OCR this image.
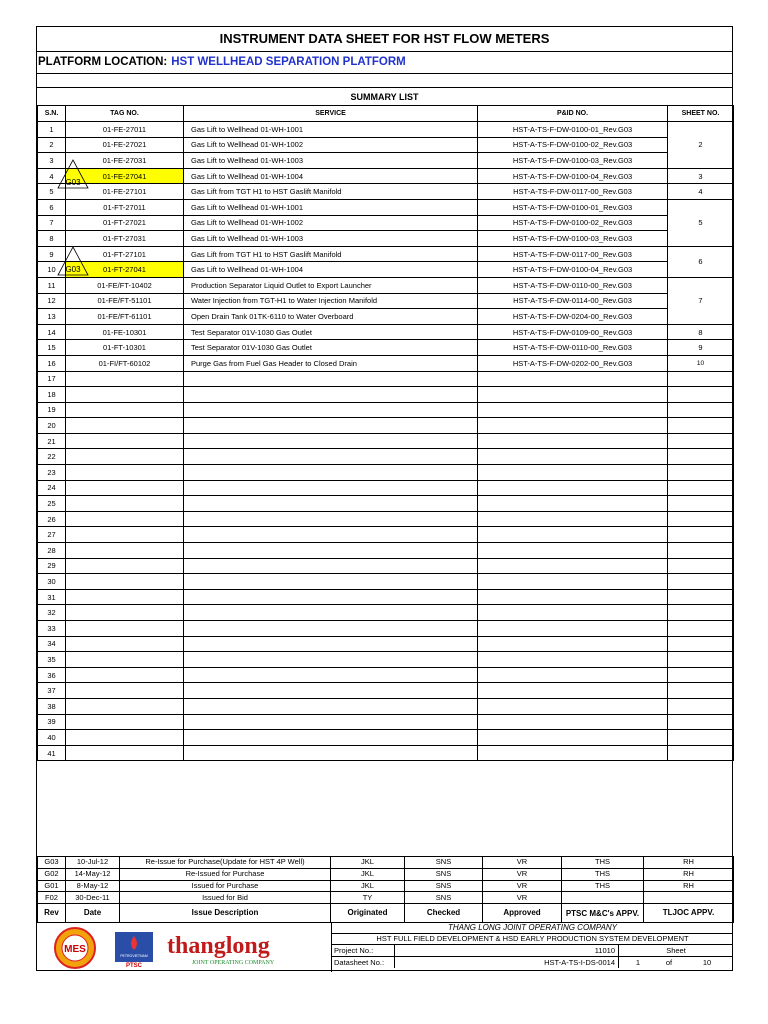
INSTRUMENT DATA SHEET FOR HST FLOW METERS
PLATFORM LOCATION: HST WELLHEAD SEPARATION PLATFORM
SUMMARY LIST
S.N.	TAG NO.	SERVICE	P&ID NO.	SHEET NO.
1	01-FE-27011	Gas Lift to Wellhead 01-WH-1001	HST-A-TS-F-DW-0100-01_Rev.G03	2
2	01-FE-27021	Gas Lift to Wellhead 01-WH-1002	HST-A-TS-F-DW-0100-02_Rev.G03	
3	01-FE-27031	Gas Lift to Wellhead 01-WH-1003	HST-A-TS-F-DW-0100-03_Rev.G03	
4	01-FE-27041	Gas Lift to Wellhead 01-WH-1004	HST-A-TS-F-DW-0100-04_Rev.G03	3
5	01-FE-27101	Gas Lift from TGT H1 to HST Gaslift Manifold	HST-A-TS-F-DW-0117-00_Rev.G03	4
6	01-FT-27011	Gas Lift to Wellhead 01-WH-1001	HST-A-TS-F-DW-0100-01_Rev.G03	5
7	01-FT-27021	Gas Lift to Wellhead 01-WH-1002	HST-A-TS-F-DW-0100-02_Rev.G03	
8	01-FT-27031	Gas Lift to Wellhead 01-WH-1003	HST-A-TS-F-DW-0100-03_Rev.G03	
9	01-FT-27101	Gas Lift from TGT H1 to HST Gaslift Manifold	HST-A-TS-F-DW-0117-00_Rev.G03	6
10	01-FT-27041	Gas Lift to Wellhead 01-WH-1004	HST-A-TS-F-DW-0100-04_Rev.G03	
11	01-FE/FT-10402	Production Separator Liquid Outlet to Export Launcher	HST-A-TS-F-DW-0110-00_Rev.G03	7
12	01-FE/FT-51101	Water Injection from TGT-H1 to Water Injection Manifold	HST-A-TS-F-DW-0114-00_Rev.G03	
13	01-FE/FT-61101	Open Drain Tank 01TK-6110 to Water Overboard	HST-A-TS-F-DW-0204-00_Rev.G03	
14	01-FE-10301	Test Separator 01V-1030 Gas Outlet	HST-A-TS-F-DW-0109-00_Rev.G03	8
15	01-FT-10301	Test Separator 01V-1030 Gas Outlet	HST-A-TS-F-DW-0110-00_Rev.G03	9
16	01-FI/FT-60102	Purge Gas from Fuel Gas Header to Closed Drain	HST-A-TS-F-DW-0202-00_Rev.G03	10
17				
18				
19				
20				
21				
22				
23				
24				
25				
26				
27				
28				
29				
30				
31				
32				
33				
34				
35				
36				
37				
38				
39				
40				
41				
G03
G03
G03	10-Jul-12	Re-Issue for Purchase(Update for HST 4P Well)	JKL	SNS	VR	THS	RH
G02	14-May-12	Re-Issued for Purchase	JKL	SNS	VR	THS	RH
G01	8-May-12	Issued for Purchase	JKL	SNS	VR	THS	RH
F02	30-Dec-11	Issued for Bid	TY	SNS	VR		
Rev	Date	Issue Description	Originated	Checked	Approved	PTSC M&C's APPV.	TLJOC APPV.
MES
PETROVIETNAM
PTSC
thanglong
JOINT OPERATING COMPANY
THANG LONG JOINT OPERATING COMPANY
HST FULL FIELD DEVELOPMENT & HSD EARLY PRODUCTION SYSTEM DEVELOPMENT
Project No.:	11010	Sheet
Datasheet No.:	HST-A-TS-I-DS-0014	1	of	10
